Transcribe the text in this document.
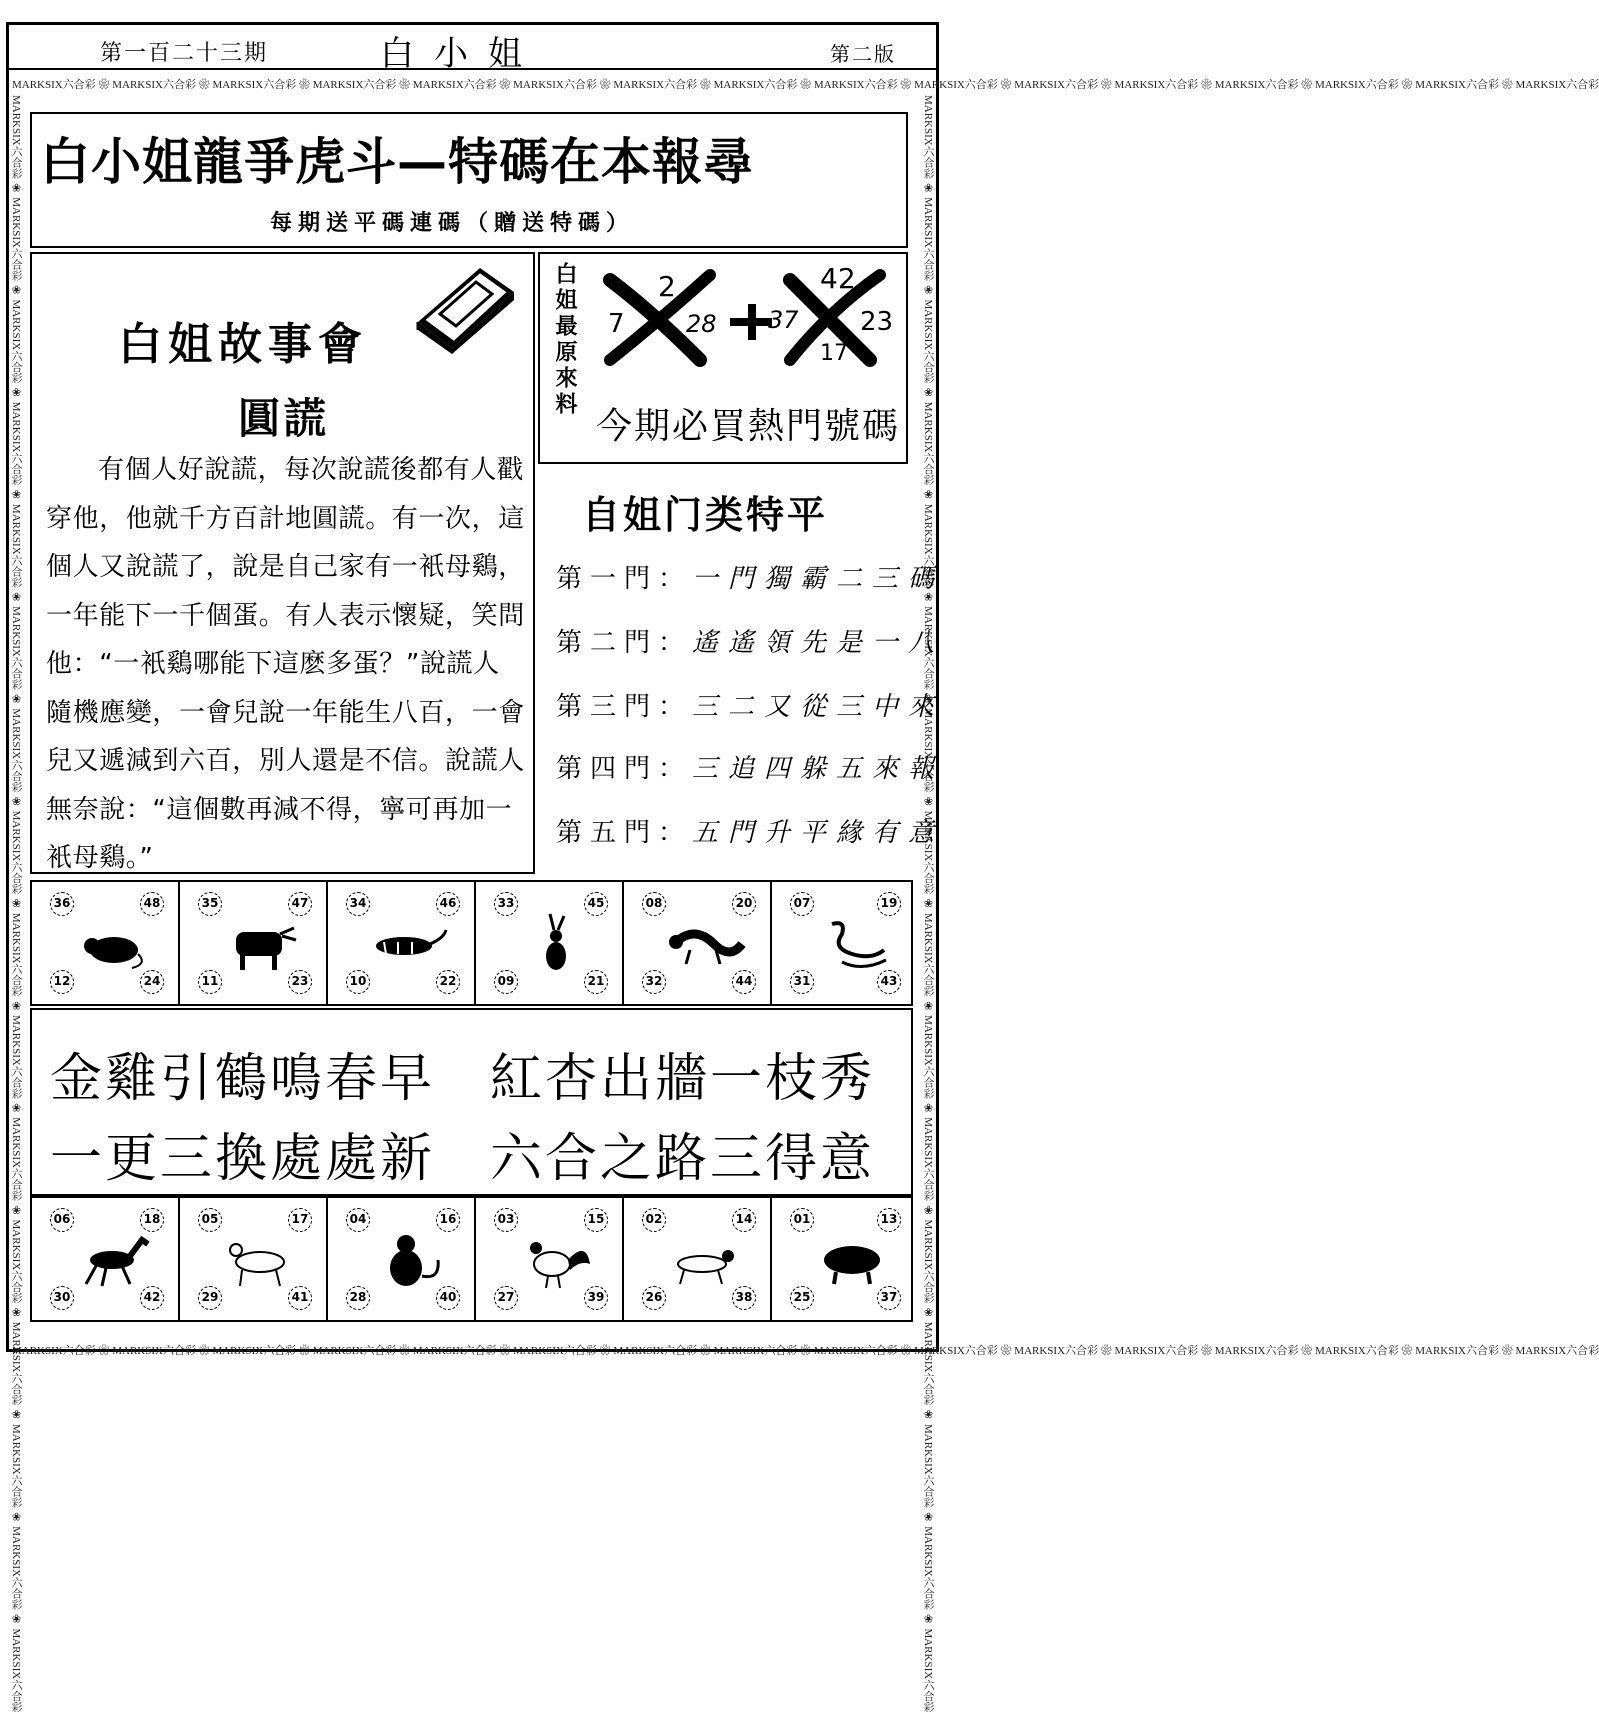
第一百二十三期	白小姐	第二版
MARKSIX六合彩 ❀ MARKSIX六合彩 ❀ MARKSIX六合彩 ❀ MARKSIX六合彩 ❀ MARKSIX六合彩 ❀ MARKSIX六合彩 ❀ MARKSIX六合彩 ❀ MARKSIX六合彩 ❀ MARKSIX六合彩 ❀ MARKSIX六合彩 ❀ MARKSIX六合彩 ❀ MARKSIX六合彩 ❀ MARKSIX六合彩 ❀ MARKSIX六合彩 ❀ MARKSIX六合彩 ❀ MARKSIX六合彩
MARKSIX六合彩 ❀ MARKSIX六合彩 ❀ MARKSIX六合彩 ❀ MARKSIX六合彩 ❀ MARKSIX六合彩 ❀ MARKSIX六合彩 ❀ MARKSIX六合彩 ❀ MARKSIX六合彩 ❀ MARKSIX六合彩 ❀ MARKSIX六合彩 ❀ MARKSIX六合彩 ❀ MARKSIX六合彩 ❀ MARKSIX六合彩 ❀ MARKSIX六合彩 ❀ MARKSIX六合彩 ❀ MARKSIX六合彩
MARKSIX六合彩 ❀ MARKSIX六合彩 ❀ MARKSIX六合彩 ❀ MARKSIX六合彩 ❀ MARKSIX六合彩 ❀ MARKSIX六合彩 ❀ MARKSIX六合彩 ❀ MARKSIX六合彩 ❀ MARKSIX六合彩 ❀ MARKSIX六合彩 ❀ MARKSIX六合彩 ❀ MARKSIX六合彩 ❀ MARKSIX六合彩 ❀ MARKSIX六合彩 ❀ MARKSIX六合彩 ❀ MARKSIX六合彩	MARKSIX六合彩 ❀ MARKSIX六合彩 ❀ MARKSIX六合彩 ❀ MARKSIX六合彩 ❀ MARKSIX六合彩 ❀ MARKSIX六合彩 ❀ MARKSIX六合彩 ❀ MARKSIX六合彩 ❀ MARKSIX六合彩 ❀ MARKSIX六合彩 ❀ MARKSIX六合彩 ❀ MARKSIX六合彩 ❀ MARKSIX六合彩 ❀ MARKSIX六合彩 ❀ MARKSIX六合彩 ❀ MARKSIX六合彩
白小姐龍爭虎斗—特碼在本報尋
每期送平碼連碼（贈送特碼）
白姐故事會
圓謊

有個人好說謊，每次說謊後都有人戳穿他，他就千方百計地圓謊。有一次，這個人又說謊了，說是自己家有一衹母鷄，一年能下一千個蛋。有人表示懷疑，笑問他：“一衹鷄哪能下這麽多蛋？”說謊人隨機應變，一會兒說一年能生八百，一會兒又遞減到六百，別人還是不信。說謊人無奈說：“這個數再減不得，寧可再加一衹母鷄。”

白姐最原來料 7
2
28 37
42
23
17
今期必買熱門號碼
自姐门类特平
第一門：一門獨霸二三碼
第二門：遙遙領先是一八
第三門：三二又從三中來
第四門：三追四躲五來報
第五門：五門升平緣有意
36	48
12	24
35	47
11	23
34	46
10	22
33	45
09	21
08	20
32	44
07	19
31	43
金雞引鶴鳴春早　紅杏出牆一枝秀
一更三換處處新　六合之路三得意
06	18
30	42
05	17
29	41
04	16
28	40
03	15
27	39
02	14
26	38
01	13
25	37
